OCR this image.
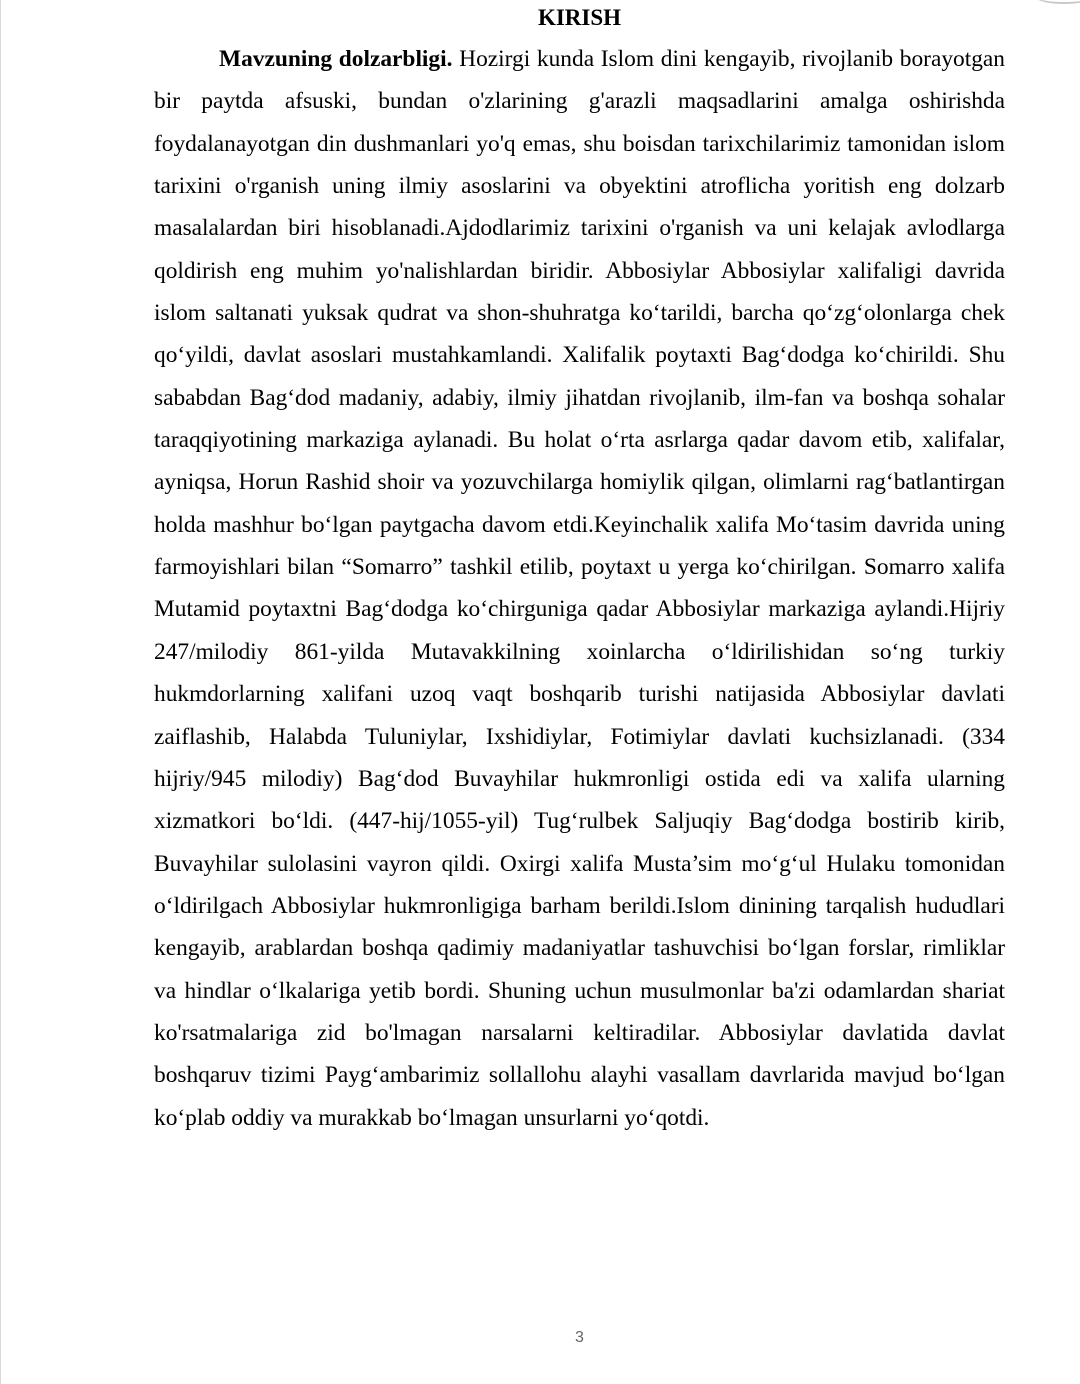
KIRISH

Mavzuning dolzarbligi. Hozirgi kunda Islom dini kengayib, rivojlanib borayotgan bir paytda afsuski, bundan o'zlarining g'arazli maqsadlarini amalga oshirishda foydalanayotgan din dushmanlari yo'q emas, shu boisdan tarixchilarimiz tamonidan islom tarixini o'rganish uning ilmiy asoslarini va obyektini atroflicha yoritish eng dolzarb masalalardan biri hisoblanadi.Ajdodlarimiz tarixini o'rganish va uni kelajak avlodlarga qoldirish eng muhim yo'nalishlardan biridir. Abbosiylar Abbosiylar xalifaligi davrida islom saltanati yuksak qudrat va shon-shuhratga ko‘tarildi, barcha qo‘zg‘olonlarga chek qo‘yildi, davlat asoslari mustahkamlandi. Xalifalik poytaxti Bag‘dodga ko‘chirildi. Shu sababdan Bag‘dod madaniy, adabiy, ilmiy jihatdan rivojlanib, ilm-fan va boshqa sohalar taraqqiyotining markaziga aylanadi. Bu holat o‘rta asrlarga qadar davom etib, xalifalar, ayniqsa, Horun Rashid shoir va yozuvchilarga homiylik qilgan, olimlarni rag‘batlantirgan holda mashhur bo‘lgan paytgacha davom etdi.Keyinchalik xalifa Mo‘tasim davrida uning farmoyishlari bilan “Somarro” tashkil etilib, poytaxt u yerga ko‘chirilgan. Somarro xalifa Mutamid poytaxtni Bag‘dodga ko‘chirguniga qadar Abbosiylar markaziga aylandi.Hijriy 247/milodiy 861-yilda Mutavakkilning xoinlarcha o‘ldirilishidan so‘ng turkiy hukmdorlarning xalifani uzoq vaqt boshqarib turishi natijasida Abbosiylar davlati zaiflashib, Halabda Tuluniylar, Ixshidiylar, Fotimiylar davlati kuchsizlanadi. (334 hijriy/945 milodiy) Bag‘dod Buvayhilar hukmronligi ostida edi va xalifa ularning xizmatkori bo‘ldi. (447-hij/1055-yil) Tug‘rulbek Saljuqiy Bag‘dodga bostirib kirib, Buvayhilar sulolasini vayron qildi. Oxirgi xalifa Musta’sim mo‘g‘ul Hulaku tomonidan o‘ldirilgach Abbosiylar hukmronligiga barham berildi.Islom dinining tarqalish hududlari kengayib, arablardan boshqa qadimiy madaniyatlar tashuvchisi bo‘lgan forslar, rimliklar va hindlar o‘lkalariga yetib bordi. Shuning uchun musulmonlar ba'zi odamlardan shariat ko'rsatmalariga zid bo'lmagan narsalarni keltiradilar. Abbosiylar davlatida davlat boshqaruv tizimi Payg‘ambarimiz sollallohu alayhi vasallam davrlarida mavjud bo‘lgan ko‘plab oddiy va murakkab bo‘lmagan unsurlarni yo‘qotdi.

3
